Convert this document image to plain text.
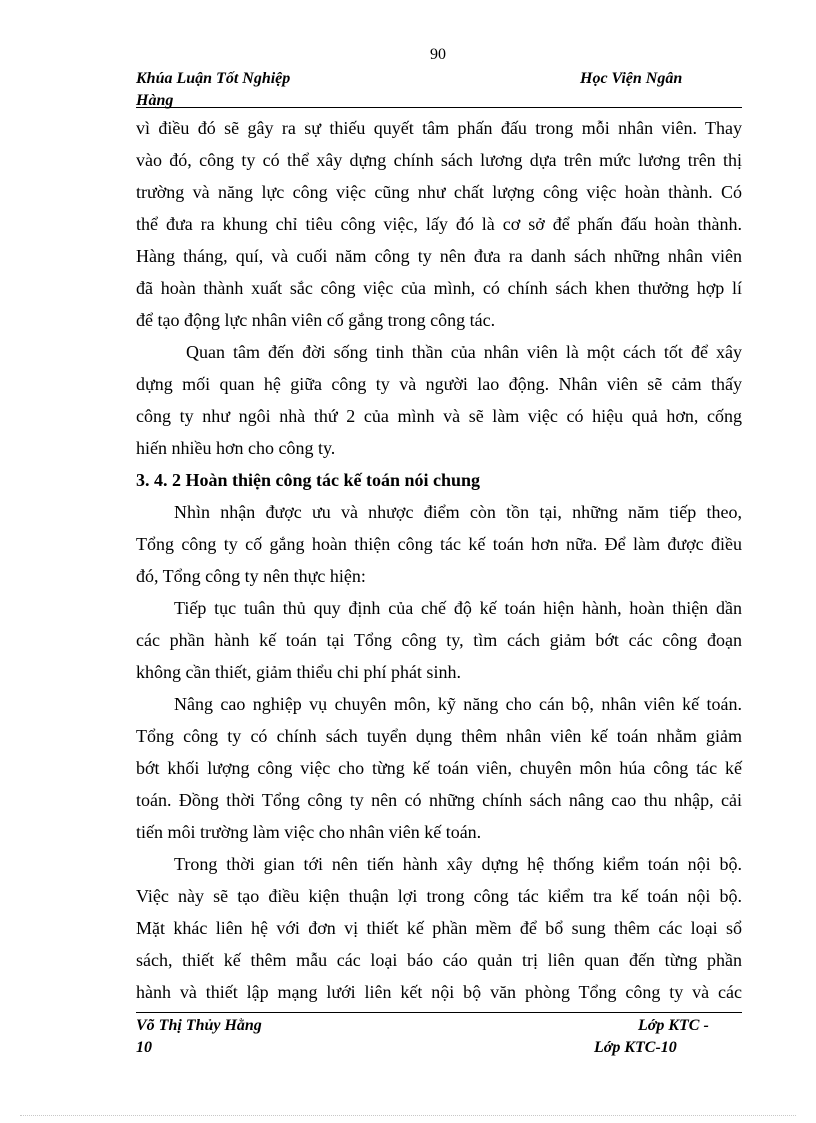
90
Khúa Luận Tốt Nghiệp
Hàng
Học Viện Ngân
vì điều đó sẽ gây ra sự thiếu quyết tâm phấn đấu trong mỗi nhân viên. Thay
vào đó, công ty có thể xây dựng chính sách lương dựa trên mức lương trên thị
trường và năng lực công việc cũng như chất lượng công việc hoàn thành. Có
thể đưa ra khung chỉ tiêu công việc, lấy đó là cơ sở để phấn đấu hoàn thành.
Hàng tháng, quí, và cuối năm công ty nên đưa ra danh sách những nhân viên
đã hoàn thành xuất sắc công việc của mình, có chính sách khen thưởng hợp lí
để tạo động lực nhân viên cố gắng trong công tác.
Quan tâm đến đời sống tinh thần của nhân viên là một cách tốt để xây
dựng mối quan hệ giữa công ty và người lao động. Nhân viên sẽ cảm thấy
công ty như ngôi nhà thứ 2 của mình và sẽ làm việc có hiệu quả hơn, cống
hiến nhiều hơn cho công ty.
3. 4. 2 Hoàn thiện công tác kế toán nói chung
Nhìn nhận được ưu và nhược điểm còn tồn tại, những năm tiếp theo,
Tổng công ty cố gắng hoàn thiện công tác kế toán hơn nữa. Để làm được điều
đó, Tổng công ty nên thực hiện:
Tiếp tục tuân thủ quy định của chế độ kế toán hiện hành, hoàn thiện dần
các phần hành kế toán tại Tổng công ty, tìm cách giảm bớt các công đoạn
không cần thiết, giảm thiểu chi phí phát sinh.
Nâng cao nghiệp vụ chuyên môn, kỹ năng cho cán bộ, nhân viên kế toán.
Tổng công ty có chính sách tuyển dụng thêm nhân viên kế toán nhằm giảm
bớt khối lượng công việc cho từng kế toán viên, chuyên môn húa công tác kế
toán. Đồng thời Tổng công ty nên có những chính sách nâng cao thu nhập, cải
tiến môi trường làm việc cho nhân viên kế toán.
Trong thời gian tới nên tiến hành xây dựng hệ thống kiểm toán nội bộ.
Việc này sẽ tạo điều kiện thuận lợi trong công tác kiểm tra kế toán nội bộ.
Mặt khác liên hệ với đơn vị thiết kế phần mềm để bổ sung thêm các loại sổ
sách, thiết kế thêm mẫu các loại báo cáo quản trị liên quan đến từng phần
hành và thiết lập mạng lưới liên kết nội bộ văn phòng Tổng công ty và các
Võ Thị Thủy Hằng
10
Lớp KTC -
Lớp KTC-10
